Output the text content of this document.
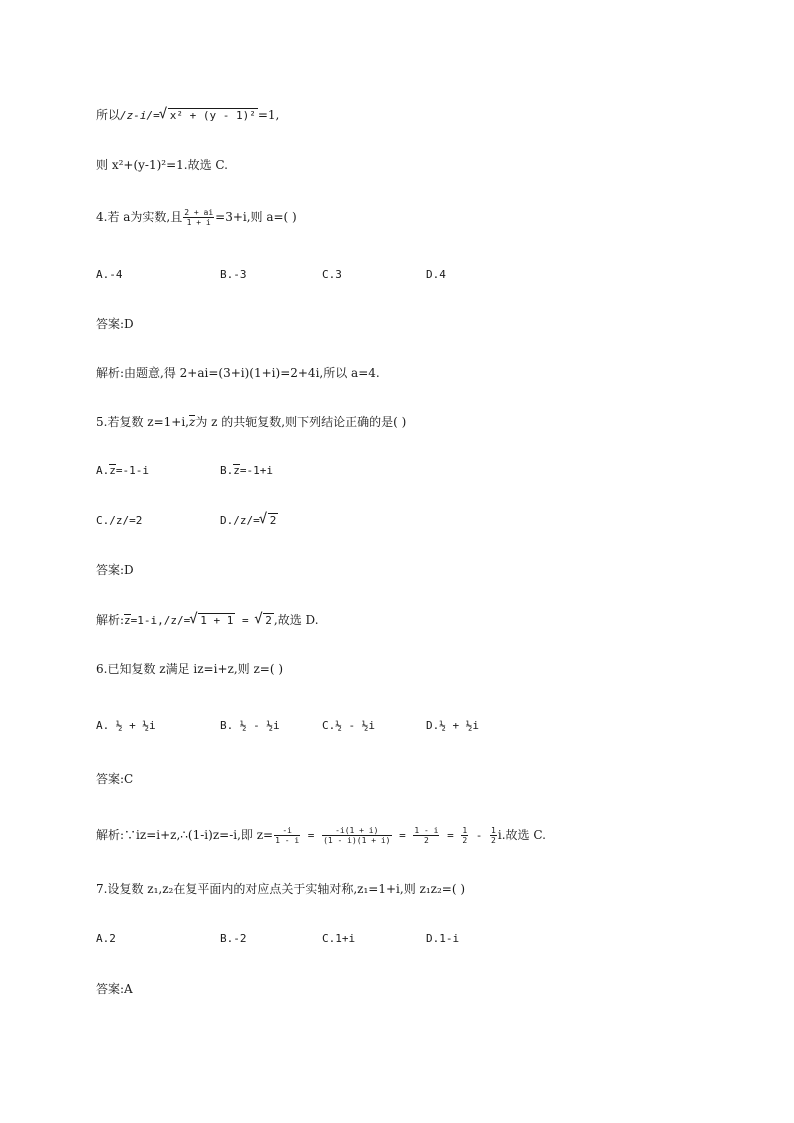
所以/z-i/= √ x² + (y - 1)² =1,
则 x²+(y-1)²=1.故选 C.
4.若 a为实数,且 $\frac{2 + ai}{1 + i} =3+i$,则 a=( )
A.-4	B.-3	C.3	D.4
答案:D
解析:由题意,得 2+ai=(3+i)(1+i)=2+4i,所以 a=4.
5.若复数 z=1+i,z为 z 的共轭复数,则下列结论正确的是( )
A.z=-1-i	B.z=-1+i
C./z/=2	D./z/= √ 2
答案:D
解析:z=1-i,/z/= √ 1 + 1 = √ 2 ,故选 D.
6.已知复数 z满足 iz=i+z,则 z=( )
A. ½ + ½i	B. ½ - ½i	C.½ - ½i	D.½ + ½i
答案:C
解析:∵iz=i+z,∴(1-i)z=-i,即 $z= \frac{-i}{1 - i} = \frac{-i(1 + i)}{(1 - i)(1 + i)} = \frac{1 - i}{2} = \frac{1}{2} - \frac{1}{2} i$.故选 C.
7.设复数 z₁,z₂在复平面内的对应点关于实轴对称,z₁=1+i,则 z₁z₂=( )
A.2	B.-2	C.1+i	D.1-i
答案:A
